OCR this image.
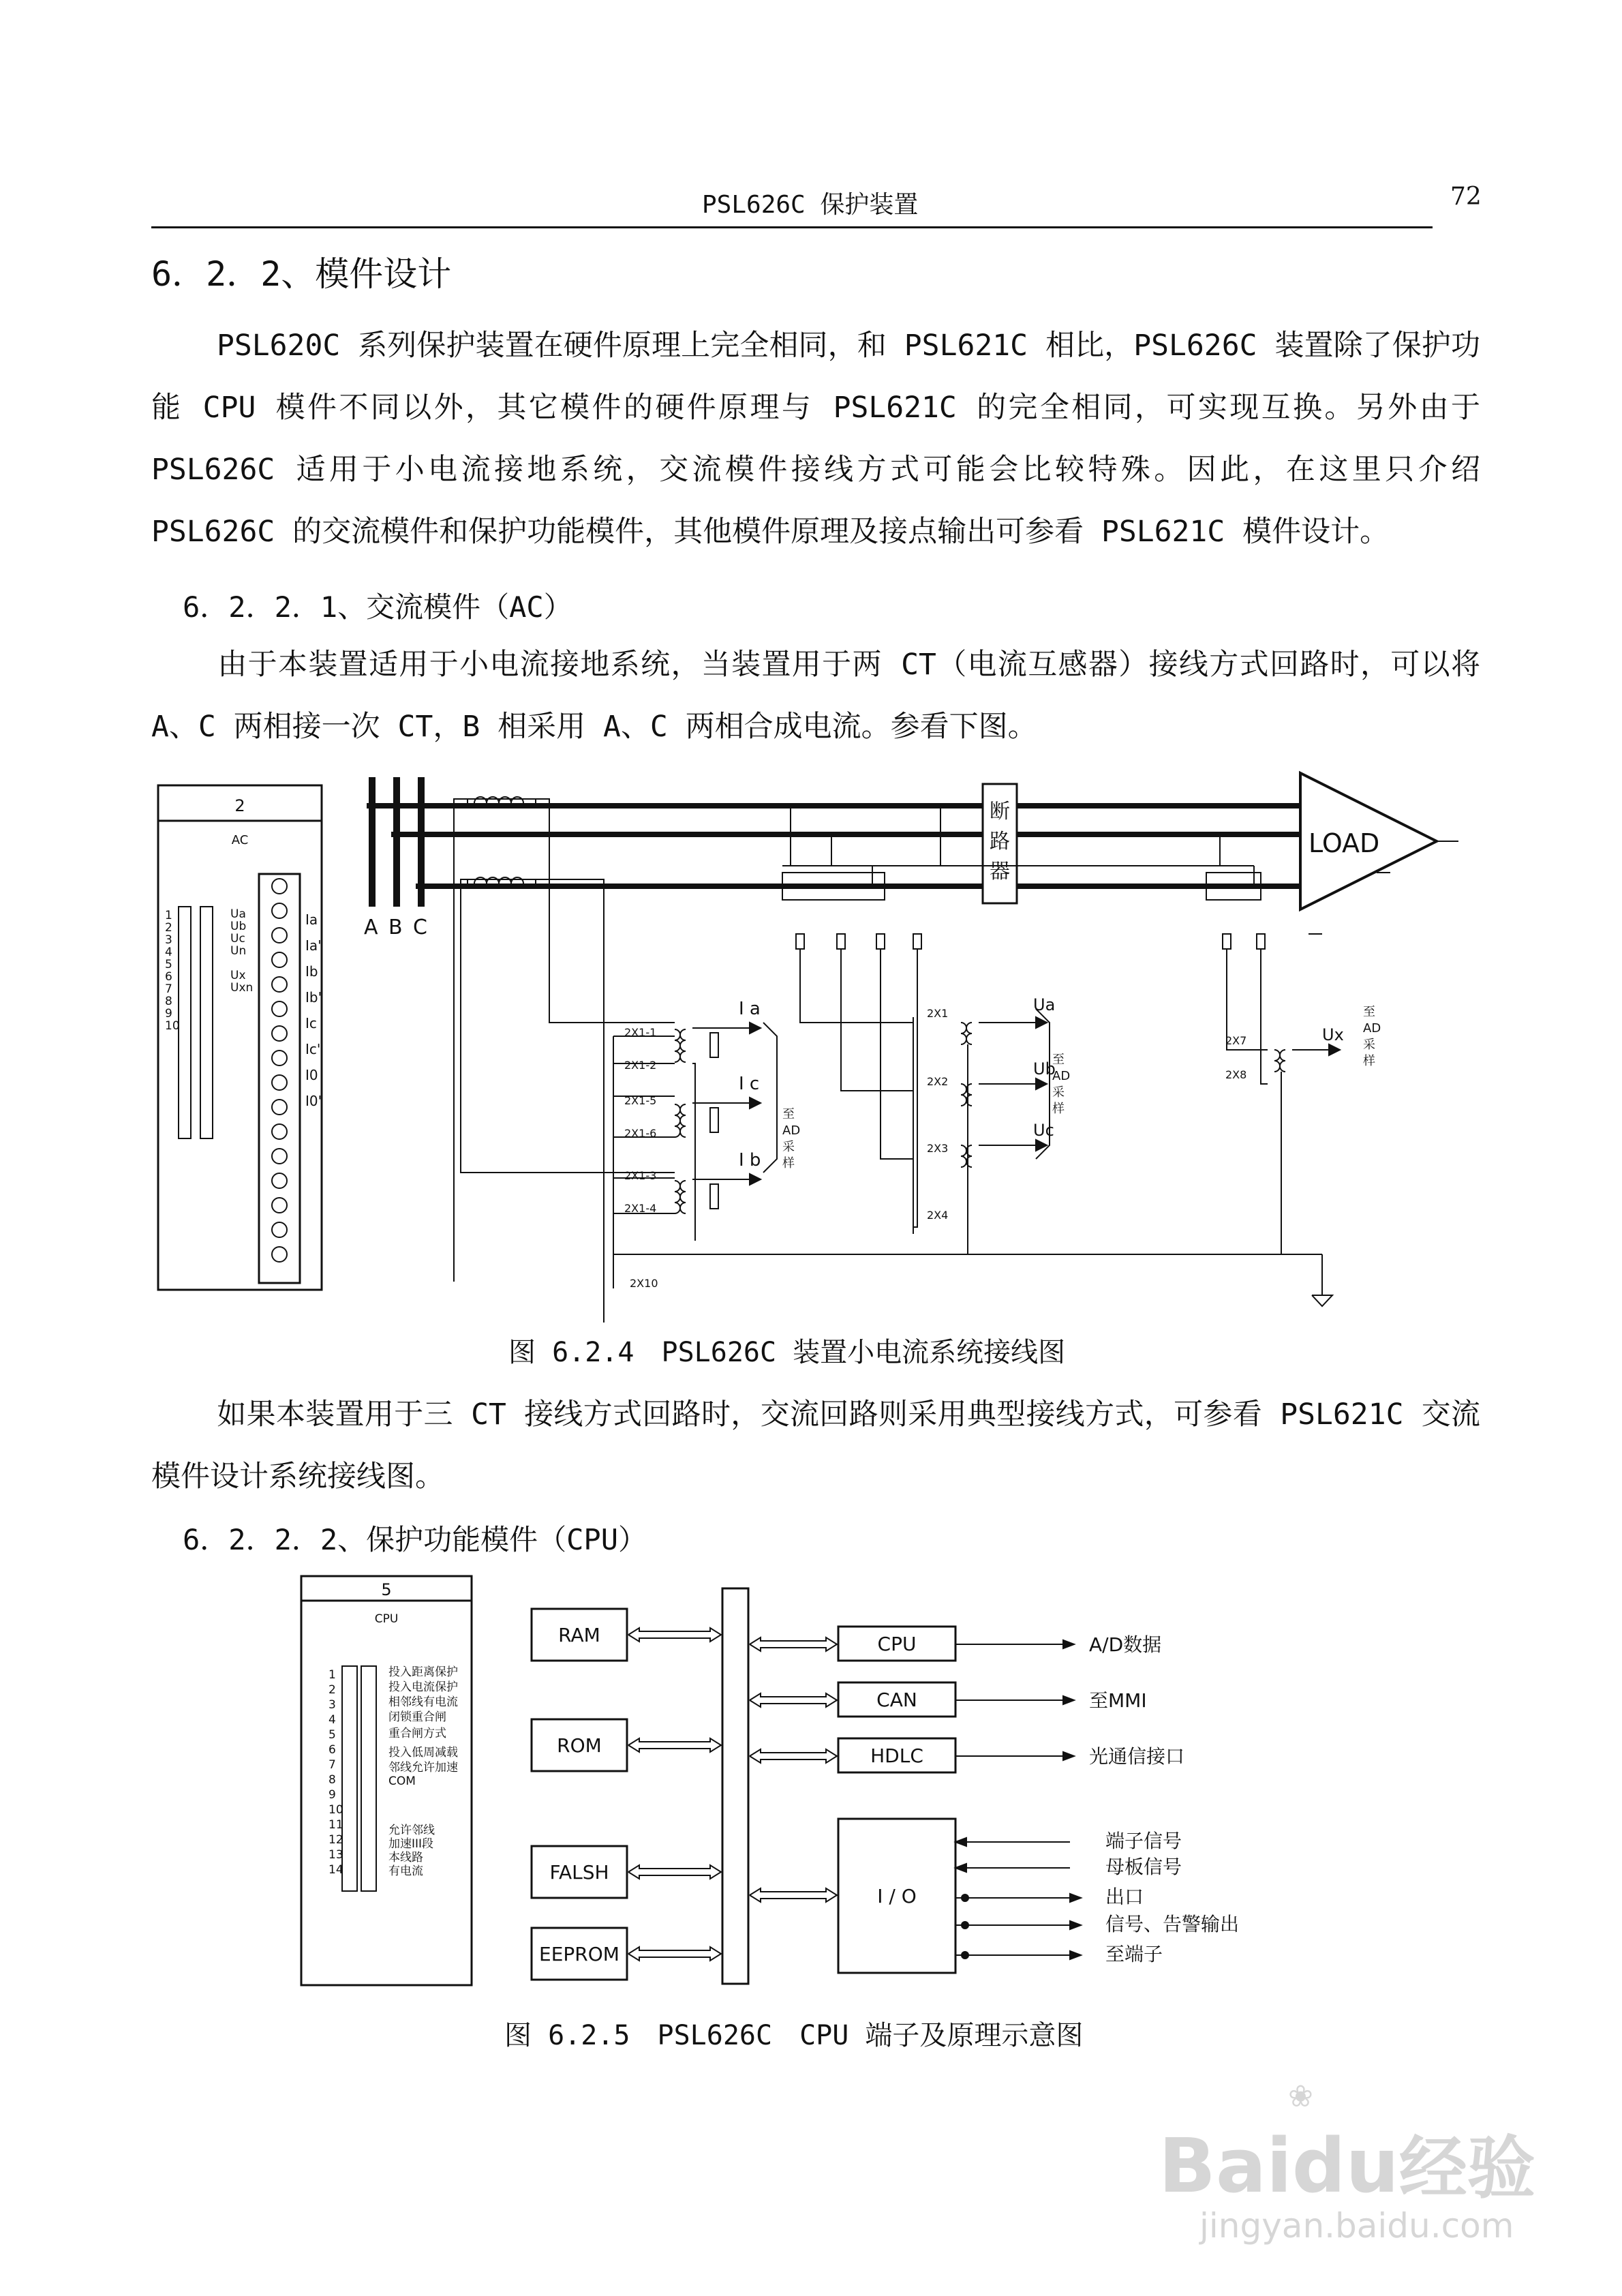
PSL626C 保护装置	72
6．2．2、模件设计

PSL620C 系列保护装置在硬件原理上完全相同，和 PSL621C 相比，PSL626C 装置除了保护功能 CPU 模件不同以外，其它模件的硬件原理与 PSL621C 的完全相同，可实现互换。另外由于 PSL626C 适用于小电流接地系统，交流模件接线方式可能会比较特殊。因此，在这里只介绍 PSL626C 的交流模件和保护功能模件，其他模件原理及接点输出可参看 PSL621C 模件设计。

6．2．2．1、交流模件（AC）

由于本装置适用于小电流接地系统，当装置用于两 CT（电流互感器）接线方式回路时，可以将 A、C 两相接一次 CT，B 相采用 A、C 两相合成电流。参看下图。

2
AC
1
2
3
4
5
6
7
8
9
10
Ua
Ub
Uc
Un
Ux
Uxn
Ia
Ia'
Ib
Ib'
Ic
Ic'
I0
I0'
A B C
断
路
器
LOAD
2X1-1
2X1-2
2X1-5
2X1-6
2X1-3
2X1-4
2X10
2X1
2X2
2X3
2X4
2X7
2X8
I a
I c
I b
Ua
Ub
Uc
Ux
至
AD
采
样
至
AD
采
样
至
AD
采
样
图 6.2.4　PSL626C 装置小电流系统接线图

如果本装置用于三 CT 接线方式回路时，交流回路则采用典型接线方式，可参看 PSL621C 交流模件设计系统接线图。

6．2．2．2、保护功能模件（CPU）
5
CPU
1
2
3
4
5
6
7
8
9
10
11
12
13
14
投入距离保护
投入电流保护
相邻线有电流
闭锁重合闸
重合闸方式
投入低周减载
邻线允许加速
COM
允许邻线
加速III段
本线路
有电流
RAM
ROM
FALSH
EEPROM
CPU
CAN
HDLC
I / O
A/D数据
至MMI
光通信接口
端子信号
母板信号
出口
信号、告警输出
至端子
图 6.2.5　PSL626C　CPU 端子及原理示意图
❀
Baidu经验
jingyan.baidu.com
